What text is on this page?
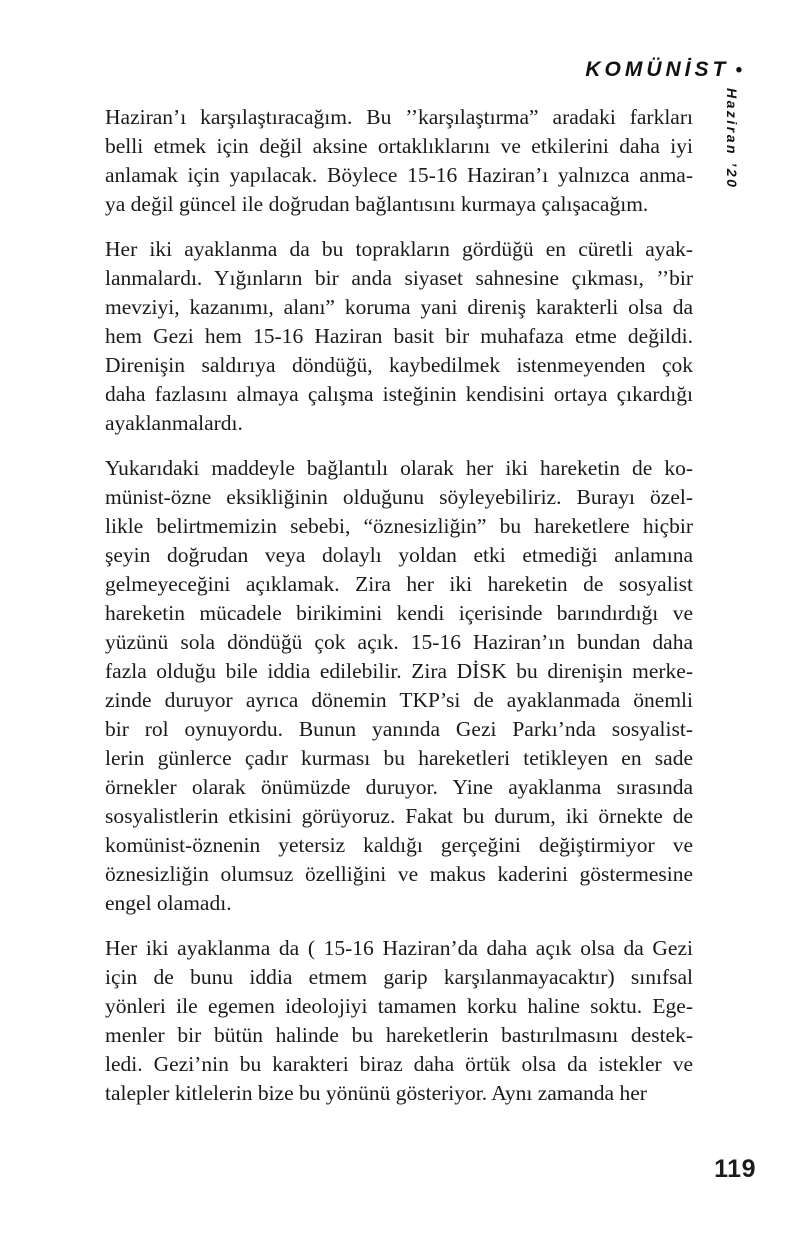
KOMÜNİST •
Haziran ’20
Haziran’ı karşılaştıracağım. Bu ’’karşılaştırma” aradaki farkları
belli etmek için değil aksine ortaklıklarını ve etkilerini daha iyi
anlamak için yapılacak. Böylece 15-16 Haziran’ı yalnızca anma-
ya değil güncel ile doğrudan bağlantısını kurmaya çalışacağım.
Her iki ayaklanma da bu toprakların gördüğü en cüretli ayak-
lanmalardı. Yığınların bir anda siyaset sahnesine çıkması, ’’bir
mevziyi, kazanımı, alanı” koruma yani direniş karakterli olsa da
hem Gezi hem 15-16 Haziran basit bir muhafaza etme değildi.
Direnişin saldırıya döndüğü, kaybedilmek istenmeyenden çok
daha fazlasını almaya çalışma isteğinin kendisini ortaya çıkardığı
ayaklanmalardı.
Yukarıdaki maddeyle bağlantılı olarak her iki hareketin de ko-
münist-özne eksikliğinin olduğunu söyleyebiliriz. Burayı özel-
likle belirtmemizin sebebi, “öznesizliğin” bu hareketlere hiçbir
şeyin doğrudan veya dolaylı yoldan etki etmediği anlamına
gelmeyeceğini açıklamak. Zira her iki hareketin de sosyalist
hareketin mücadele birikimini kendi içerisinde barındırdığı ve
yüzünü sola döndüğü çok açık. 15-16 Haziran’ın bundan daha
fazla olduğu bile iddia edilebilir. Zira DİSK bu direnişin merke-
zinde duruyor ayrıca dönemin TKP’si de ayaklanmada önemli
bir rol oynuyordu. Bunun yanında Gezi Parkı’nda sosyalist-
lerin günlerce çadır kurması bu hareketleri tetikleyen en sade
örnekler olarak önümüzde duruyor. Yine ayaklanma sırasında
sosyalistlerin etkisini görüyoruz. Fakat bu durum, iki örnekte de
komünist-öznenin yetersiz kaldığı gerçeğini değiştirmiyor ve
öznesizliğin olumsuz özelliğini ve makus kaderini göstermesine
engel olamadı.
Her iki ayaklanma da ( 15-16 Haziran’da daha açık olsa da Gezi
için de bunu iddia etmem garip karşılanmayacaktır) sınıfsal
yönleri ile egemen ideolojiyi tamamen korku haline soktu. Ege-
menler bir bütün halinde bu hareketlerin bastırılmasını destek-
ledi. Gezi’nin bu karakteri biraz daha örtük olsa da istekler ve
talepler kitlelerin bize bu yönünü gösteriyor. Aynı zamanda her
119
